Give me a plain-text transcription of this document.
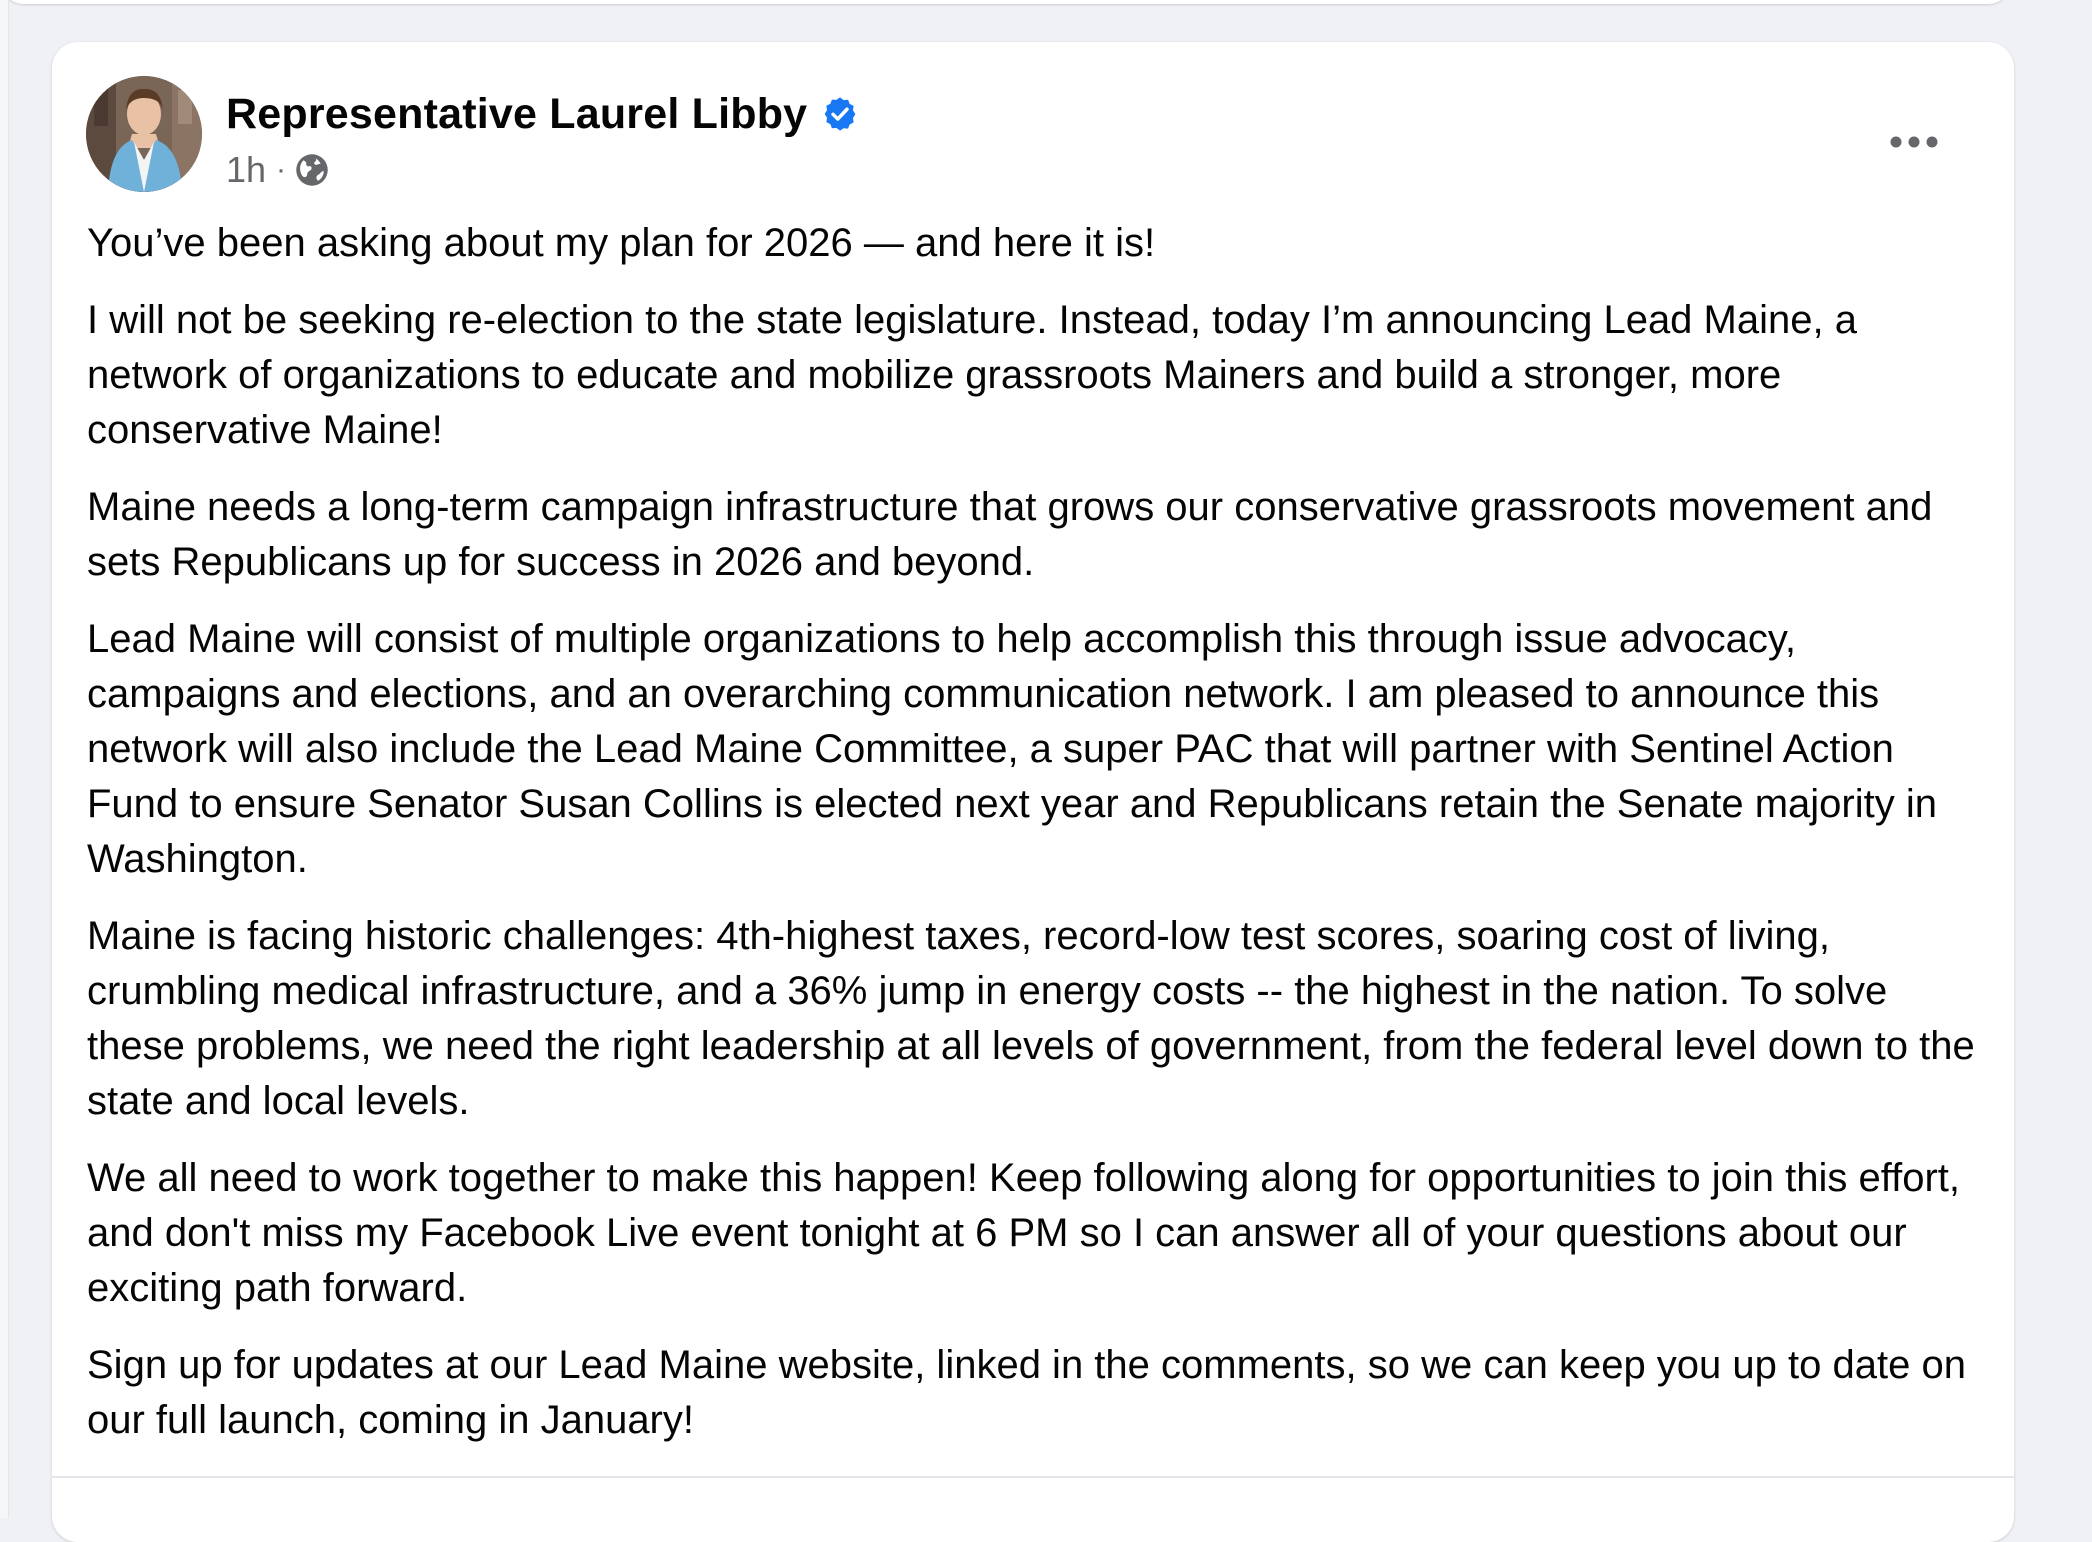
Representative Laurel Libby
1h ·

You’ve been asking about my plan for 2026 — and here it is!

I will not be seeking re-election to the state legislature. Instead, today I’m announcing Lead Maine, a network of organizations to educate and mobilize grassroots Mainers and build a stronger, more conservative Maine!

Maine needs a long-term campaign infrastructure that grows our conservative grassroots movement and sets Republicans up for success in 2026 and beyond.

Lead Maine will consist of multiple organizations to help accomplish this through issue advocacy, campaigns and elections, and an overarching communication network. I am pleased to announce this network will also include the Lead Maine Committee, a super PAC that will partner with Sentinel Action Fund to ensure Senator Susan Collins is elected next year and Republicans retain the Senate majority in Washington.

Maine is facing historic challenges: 4th-highest taxes, record-low test scores, soaring cost of living, crumbling medical infrastructure, and a 36% jump in energy costs -- the highest in the nation. To solve these problems, we need the right leadership at all levels of government, from the federal level down to the state and local levels.

We all need to work together to make this happen! Keep following along for opportunities to join this effort, and don't miss my Facebook Live event tonight at 6 PM so I can answer all of your questions about our exciting path forward.

Sign up for updates at our Lead Maine website, linked in the comments, so we can keep you up to date on our full launch, coming in January!
